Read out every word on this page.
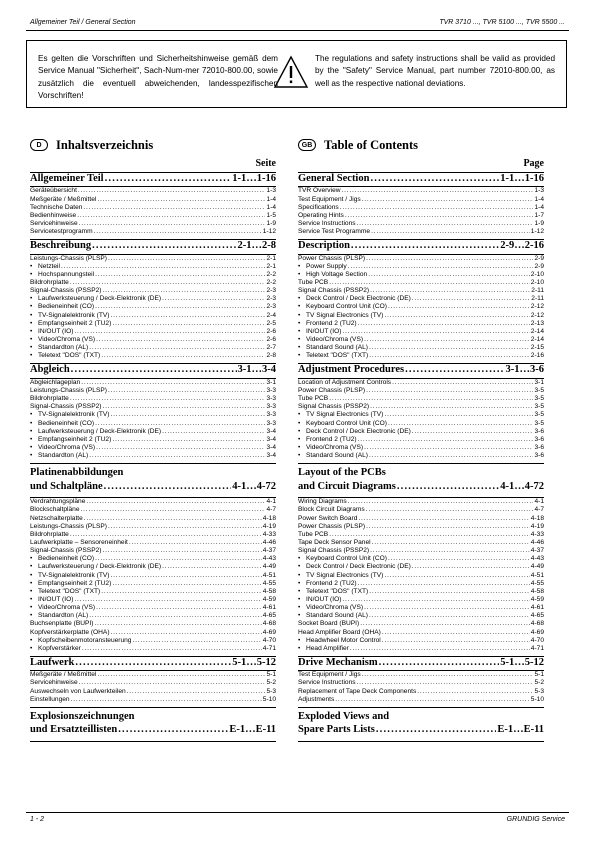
Allgemeiner Teil / General Section	TVR 3710 ..., TVR 5100 ..., TVR 5500 ...
Es gelten die Vorschriften und Sicherheitshinweise gemäß dem Service Manual "Sicherheit", Sach-Num-mer 72010-800.00, sowie zusätzlich die eventuell abweichenden, landesspezifischen Vorschriften!
The regulations and safety instructions shall be valid as provided by the "Safety" Service Manual, part number 72010-800.00, as well as the respective national deviations.
D	Inhaltsverzeichnis
Seite
Allgemeiner Teil .....	1-1…1-16
Geräteübersicht .....	1-3
Meßgeräte / Meßmittel .....	1-4
Technische Daten .....	1-4
Bedienhinweise .....	1-5
Servicehinweise .....	1-9
Servicetestprogramm .....	1-12
Beschreibung .....	2-1…2-8
Leistungs-Chassis (PLSP) .....	2-1
• Netzteil .....	2-1
• Hochspannungsteil .....	2-2
Bildrohrplatte .....	2-2
Signal-Chassis (PSSP2) .....	2-3
• Laufwerksteuerung / Deck-Elektronik (DE) .....	2-3
• Bedieneinheit (CO) .....	2-3
• TV-Signalelektronik (TV) .....	2-4
• Empfangseinheit 2 (TU2) .....	2-5
• IN/OUT (IO) .....	2-6
• Video/Chroma (VS) .....	2-6
• Standardton (AL) .....	2-7
• Teletext "DOS" (TXT) .....	2-8
Abgleich .....	3-1…3-4
Abgleichlageplan .....	3-1
Leistungs-Chassis (PLSP) .....	3-3
Bildrohrplatte .....	3-3
Signal-Chassis (PSSP2) .....	3-3
• TV-Signalelektronik (TV) .....	3-3
• Bedieneinheit (CO) .....	3-3
• Laufwerksteuerung / Deck-Elektronik (DE) .....	3-4
• Empfangseinheit 2 (TU2) .....	3-4
• Video/Chroma (VS) .....	3-4
• Standardton (AL) .....	3-4
Platinenabbildungen
und Schaltpläne .....	4-1…4-72
Verdrahtungspläne .....	4-1
Blockschaltpläne .....	4-7
Netzschalterplatte .....	4-18
Leistungs-Chassis (PLSP) .....	4-19
Bildrohrplatte .....	4-33
Laufwerkplatte – Sensoreneinheit .....	4-46
Signal-Chassis (PSSP2) .....	4-37
• Bedieneinheit (CO) .....	4-43
• Laufwerksteuerung / Deck-Elektronik (DE) .....	4-49
• TV-Signalelektronik (TV) .....	4-51
• Empfangseinheit 2 (TU2) .....	4-55
• Teletext "DOS" (TXT) .....	4-58
• IN/OUT (IO) .....	4-59
• Video/Chroma (VS) .....	4-61
• Standardton (AL) .....	4-65
Buchsenplatte (BUPI) .....	4-68
Kopfverstärkerplatte (OHA) .....	4-69
• Kopfscheibenmotoransteuerung .....	4-70
• Kopfverstärker .....	4-71
Laufwerk .....	5-1…5-12
Meßgeräte / Meßmittel .....	5-1
Servicehinweise .....	5-2
Auswechseln von Laufwerkteilen .....	5-3
Einstellungen .....	5-10
Explosionszeichnungen
und Ersatzteillisten .....	E-1…E-11
GB Table of Contents
Page
General Section .....	1-1…1-16
TVR Overview .....	1-3
Test Equipment / Jigs .....	1-4
Specifications .....	1-4
Operating Hints .....	1-7
Service Instructions .....	1-9
Service Test Programme .....	1-12
Description .....	2-9…2-16
Power Chassis (PLSP) .....	2-9
• Power Supply .....	2-9
• High Voltage Section .....	2-10
Tube PCB .....	2-10
Signal Chassis (PSSP2) .....	2-11
• Deck Control / Deck Electronic (DE) .....	2-11
• Keyboard Control Unit (CO) .....	2-12
• TV Signal Electronics (TV) .....	2-12
• Frontend 2 (TU2) .....	2-13
• IN/OUT (IO) .....	2-14
• Video/Chroma (VS) .....	2-14
• Standard Sound (AL) .....	2-15
• Teletext "DOS" (TXT) .....	2-16
Adjustment Procedures .....	3-1…3-6
Location of Adjustment Controls .....	3-1
Power Chassis (PLSP) .....	3-5
Tube PCB .....	3-5
Signal Chassis (PSSP2) .....	3-5
• TV Signal Electronics (TV) .....	3-5
• Keyboard Control Unit (CO) .....	3-5
• Deck Control / Deck Electronic (DE) .....	3-6
• Frontend 2 (TU2) .....	3-6
• Video/Chroma (VS) .....	3-6
• Standard Sound (AL) .....	3-6
Layout of the PCBs
and Circuit Diagrams .....	4-1…4-72
Wiring Diagrams .....	4-1
Block Circuit Diagrams .....	4-7
Power Switch Board .....	4-18
Power Chassis (PLSP) .....	4-19
Tube PCB .....	4-33
Tape Deck Sensor Panel .....	4-46
Signal Chassis (PSSP2) .....	4-37
• Keyboard Control Unit (CO) .....	4-43
• Deck Control / Deck Electronic (DE) .....	4-49
• TV Signal Electronics (TV) .....	4-51
• Frontend 2 (TU2) .....	4-55
• Teletext "DOS" (TXT) .....	4-58
• IN/OUT (IO) .....	4-59
• Video/Chroma (VS) .....	4-61
• Standard Sound (AL) .....	4-65
Socket Board (BUPI) .....	4-68
Head Amplifier Board (OHA) .....	4-69
• Headwheel Motor Control .....	4-70
• Head Amplifier .....	4-71
Drive Mechanism .....	5-1…5-12
Test Equipment / Jigs .....	5-1
Service Instructions .....	5-2
Replacement of Tape Deck Components .....	5-3
Adjustments .....	5-10
Exploded Views and
Spare Parts Lists .....	E-1…E-11
1 - 2	GRUNDIG Service
